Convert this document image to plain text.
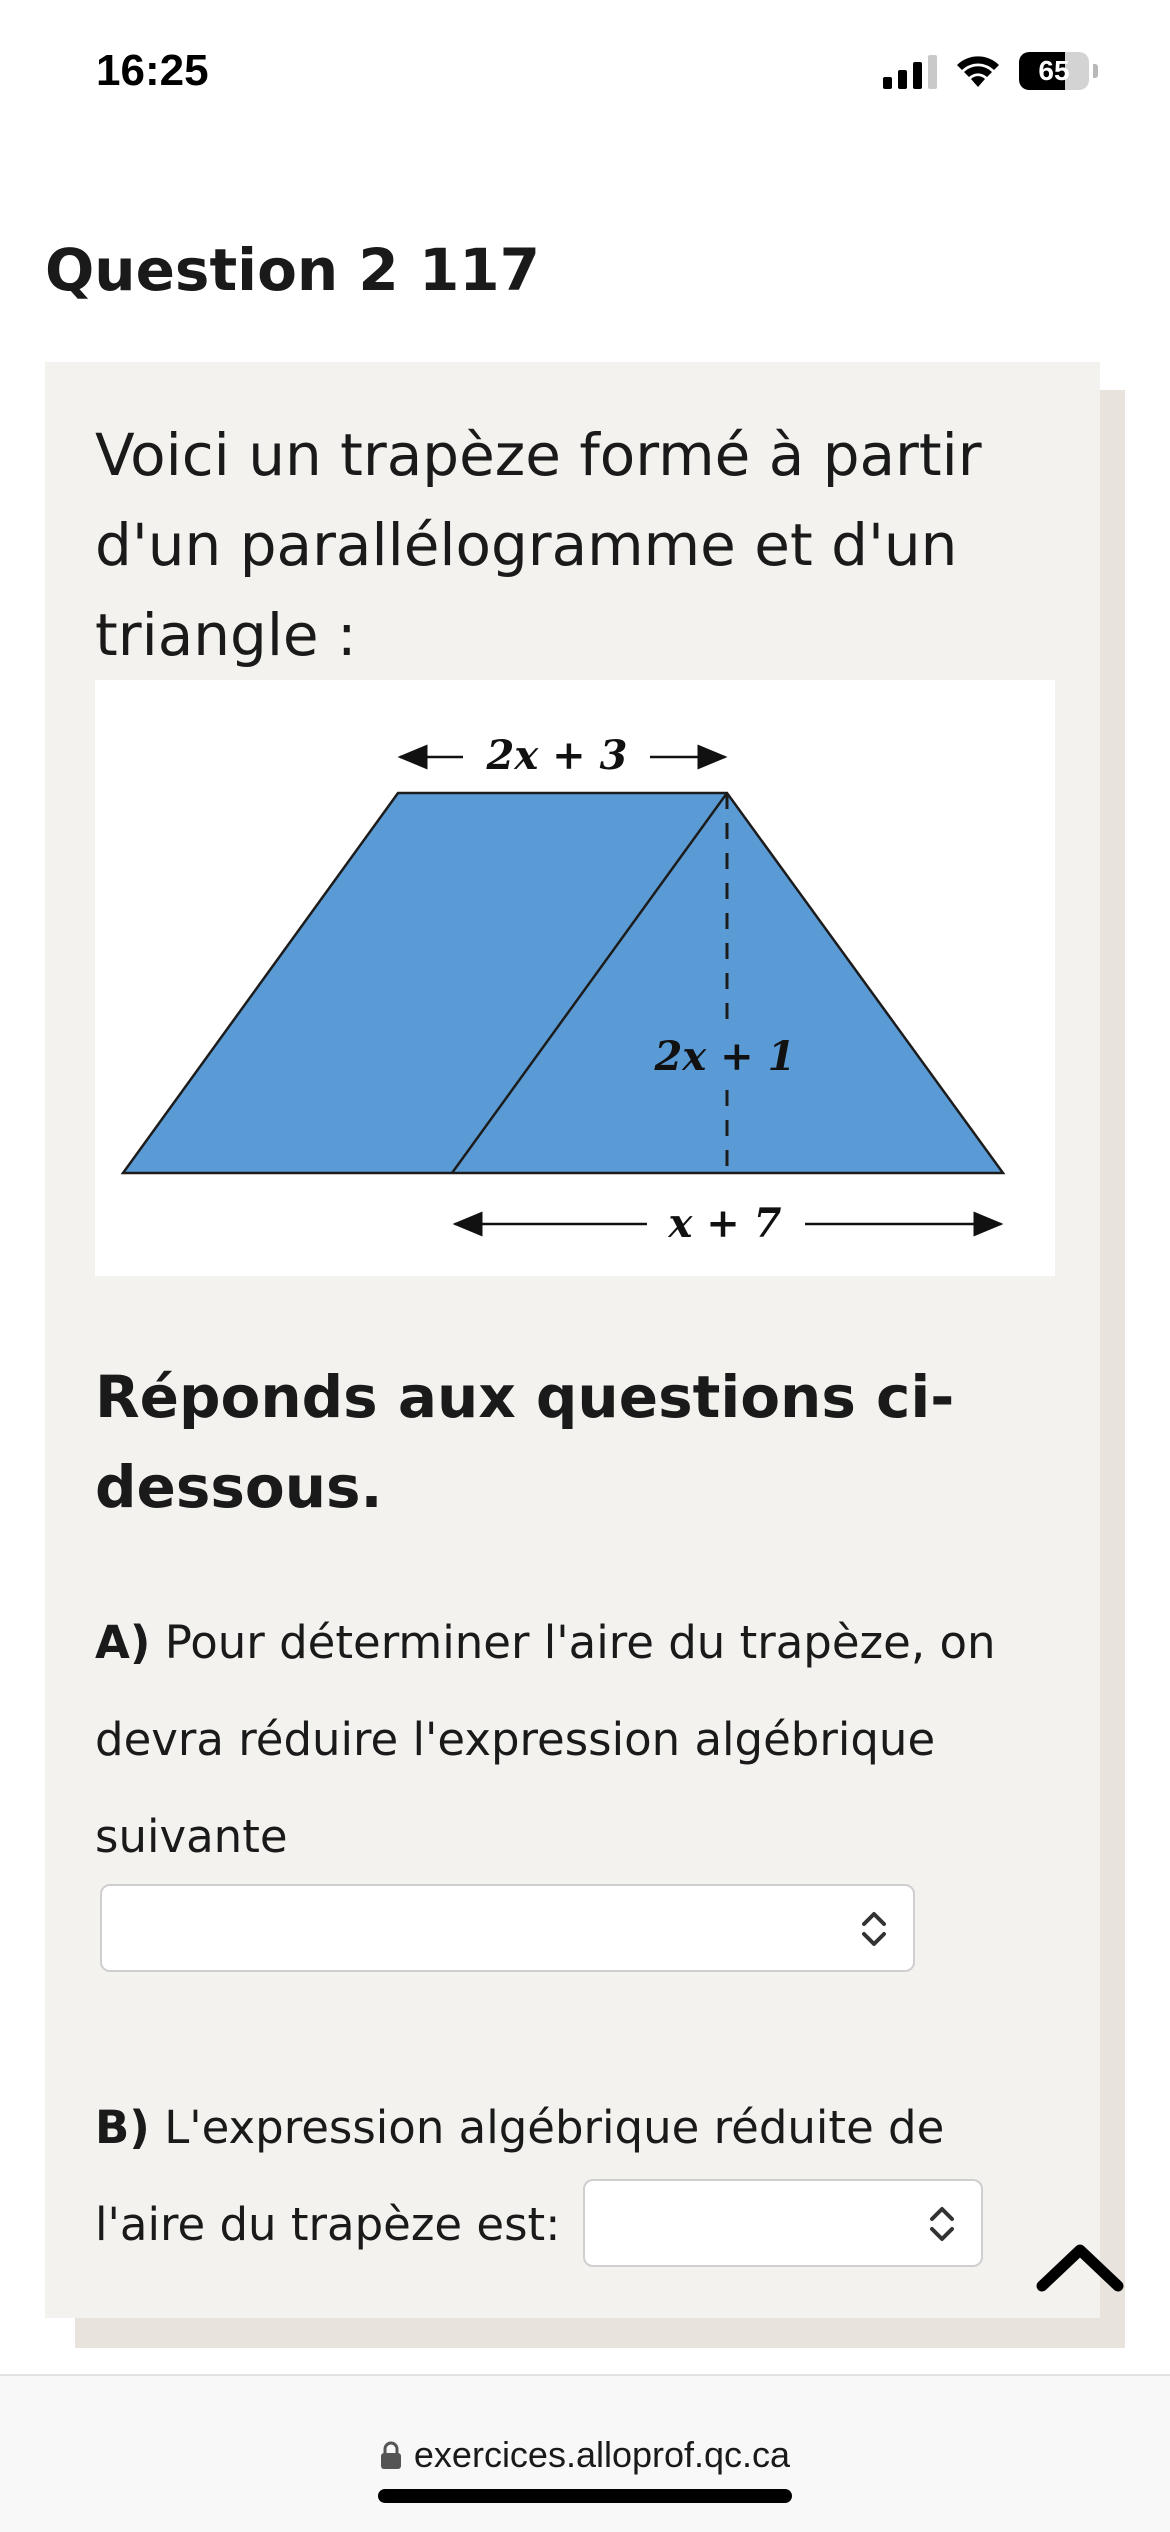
16:25	65
Question 2 117

Voici un trapèze formé à partir d'un parallélogramme et d'un triangle :

2x + 3
2x + 1
x + 7
Réponds aux questions ci-dessous.

A) Pour déterminer l'aire du trapèze, on devra réduire l'expression algébrique suivante

B) L'expression algébrique réduite de l'aire du trapèze est:

exercices.alloprof.qc.ca
